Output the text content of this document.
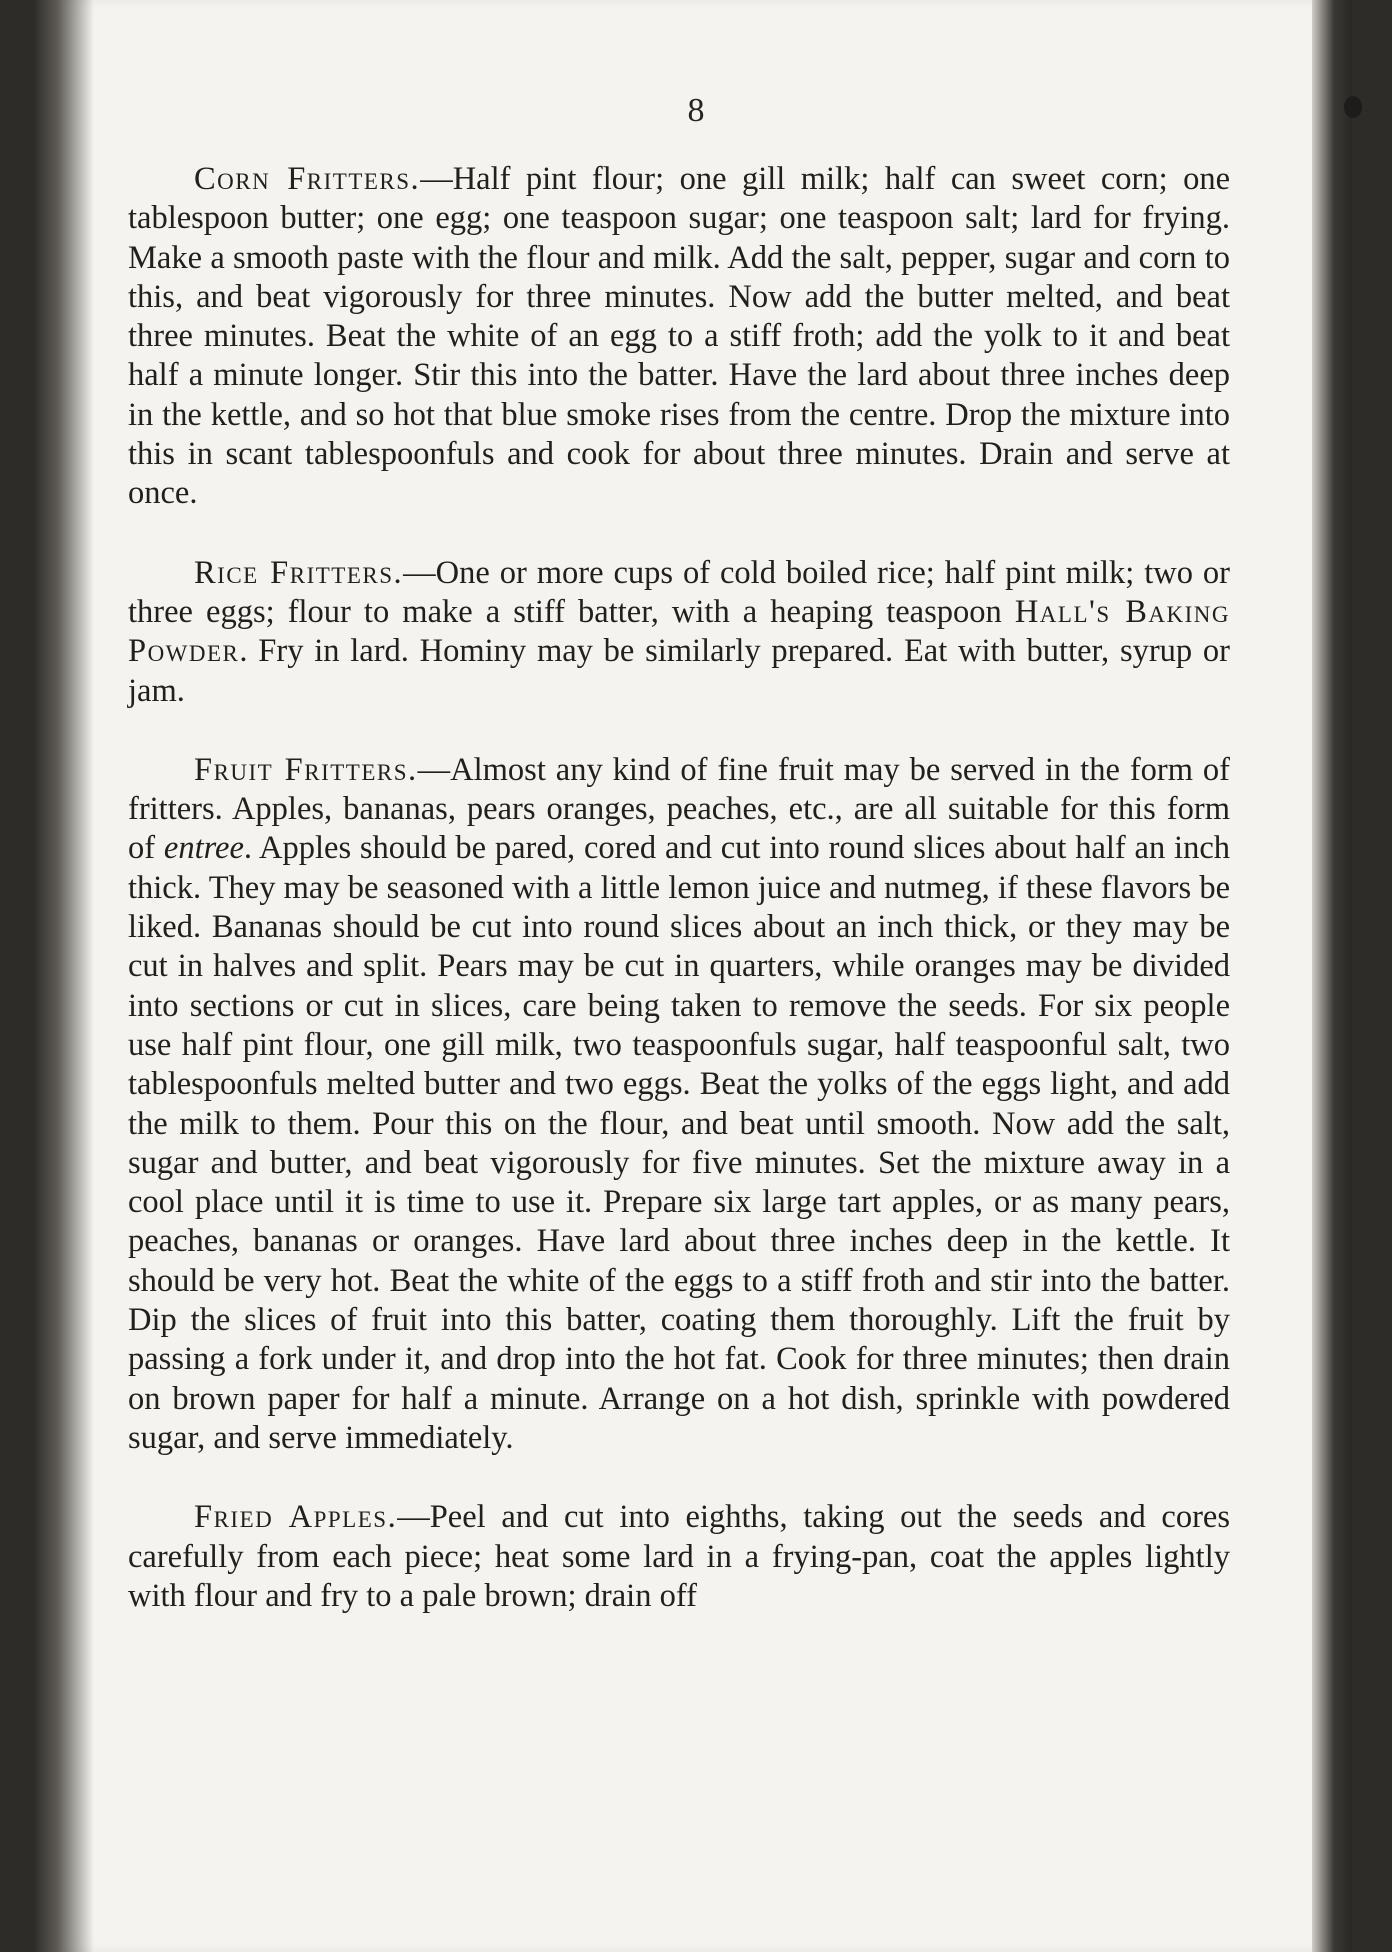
8

Corn Fritters.—Half pint flour; one gill milk; half can sweet corn; one tablespoon butter; one egg; one teaspoon sugar; one teaspoon salt; lard for frying. Make a smooth paste with the flour and milk. Add the salt, pepper, sugar and corn to this, and beat vigorously for three minutes. Now add the butter melted, and beat three minutes. Beat the white of an egg to a stiff froth; add the yolk to it and beat half a minute longer. Stir this into the batter. Have the lard about three inches deep in the kettle, and so hot that blue smoke rises from the centre. Drop the mixture into this in scant tablespoonfuls and cook for about three minutes. Drain and serve at once.

Rice Fritters.—One or more cups of cold boiled rice; half pint milk; two or three eggs; flour to make a stiff batter, with a heaping teaspoon Hall's Baking Powder. Fry in lard. Hominy may be similarly prepared. Eat with butter, syrup or jam.

Fruit Fritters.—Almost any kind of fine fruit may be served in the form of fritters. Apples, bananas, pears oranges, peaches, etc., are all suitable for this form of entree. Apples should be pared, cored and cut into round slices about half an inch thick. They may be seasoned with a little lemon juice and nutmeg, if these flavors be liked. Bananas should be cut into round slices about an inch thick, or they may be cut in halves and split. Pears may be cut in quarters, while oranges may be divided into sections or cut in slices, care being taken to remove the seeds. For six people use half pint flour, one gill milk, two teaspoonfuls sugar, half teaspoonful salt, two tablespoonfuls melted butter and two eggs. Beat the yolks of the eggs light, and add the milk to them. Pour this on the flour, and beat until smooth. Now add the salt, sugar and butter, and beat vigorously for five minutes. Set the mixture away in a cool place until it is time to use it. Prepare six large tart apples, or as many pears, peaches, bananas or oranges. Have lard about three inches deep in the kettle. It should be very hot. Beat the white of the eggs to a stiff froth and stir into the batter. Dip the slices of fruit into this batter, coating them thoroughly. Lift the fruit by passing a fork under it, and drop into the hot fat. Cook for three minutes; then drain on brown paper for half a minute. Arrange on a hot dish, sprinkle with powdered sugar, and serve immediately.

Fried Apples.—Peel and cut into eighths, taking out the seeds and cores carefully from each piece; heat some lard in a frying-pan, coat the apples lightly with flour and fry to a pale brown; drain off
